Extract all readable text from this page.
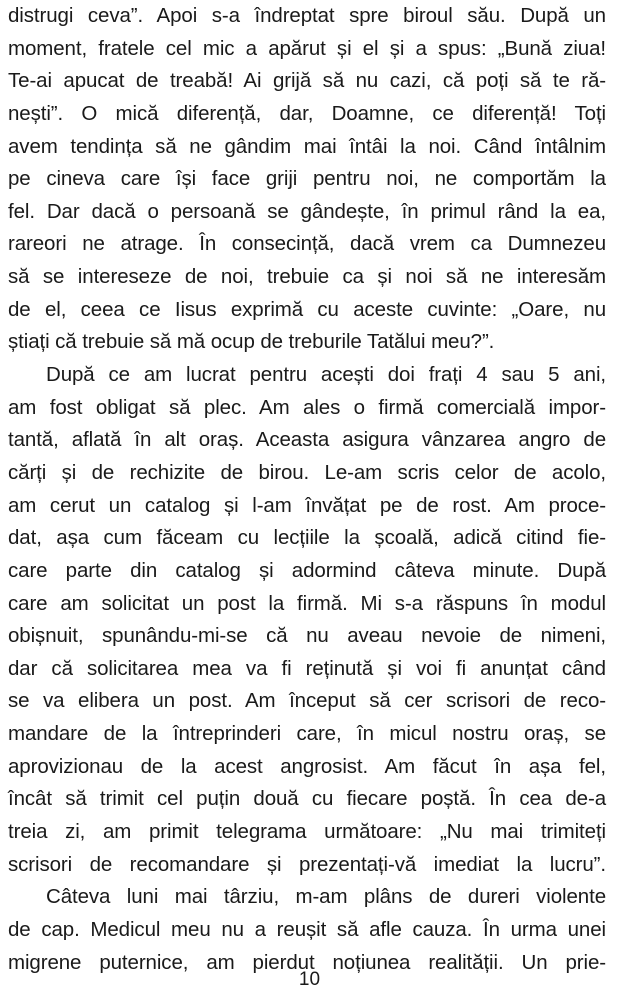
distrugi ceva”. Apoi s-a îndreptat spre biroul său. După un
moment, fratele cel mic a apărut și el și a spus: „Bună ziua!
Te-ai apucat de treabă! Ai grijă să nu cazi, că poți să te ră-
nești”. O mică diferență, dar, Doamne, ce diferență! Toți
avem tendința să ne gândim mai întâi la noi. Când întâlnim
pe cineva care își face griji pentru noi, ne comportăm la
fel. Dar dacă o persoană se gândește, în primul rând la ea,
rareori ne atrage. În consecință, dacă vrem ca Dumnezeu
să se intereseze de noi, trebuie ca și noi să ne interesăm
de el, ceea ce Iisus exprimă cu aceste cuvinte: „Oare, nu
știați că trebuie să mă ocup de treburile Tatălui meu?”.
După ce am lucrat pentru acești doi frați 4 sau 5 ani,
am fost obligat să plec. Am ales o firmă comercială impor-
tantă, aflată în alt oraș. Aceasta asigura vânzarea angro de
cărți și de rechizite de birou. Le-am scris celor de acolo,
am cerut un catalog și l-am învățat pe de rost. Am proce-
dat, așa cum făceam cu lecțiile la școală, adică citind fie-
care parte din catalog și adormind câteva minute. După
care am solicitat un post la firmă. Mi s-a răspuns în modul
obișnuit, spunându-mi-se că nu aveau nevoie de nimeni,
dar că solicitarea mea va fi reținută și voi fi anunțat când
se va elibera un post. Am început să cer scrisori de reco-
mandare de la întreprinderi care, în micul nostru oraș, se
aprovizionau de la acest angrosist. Am făcut în așa fel,
încât să trimit cel puțin două cu fiecare poștă. În cea de-a
treia zi, am primit telegrama următoare: „Nu mai trimiteți
scrisori de recomandare și prezentați-vă imediat la lucru”.
Câteva luni mai târziu, m-am plâns de dureri violente
de cap. Medicul meu nu a reușit să afle cauza. În urma unei
migrene puternice, am pierdut noțiunea realității. Un prie-
10
